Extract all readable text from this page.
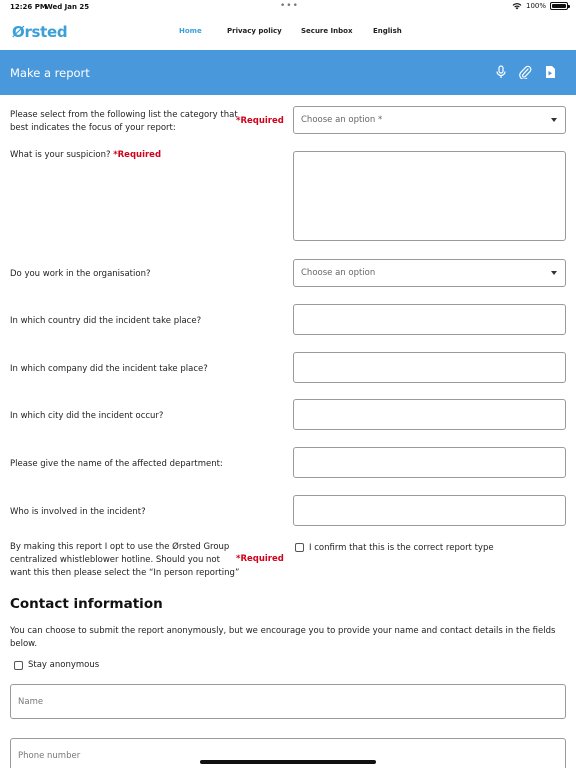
12:26 PM
Wed Jan 25	•••	100%
Ørsted	Home	Privacy policy	Secure Inbox	English
Make a report
Please select from the following list the category that
best indicates the focus of your report:
*Required Choose an option *
What is your suspicion? *Required
Do you work in the organisation?	Choose an option
In which country did the incident take place?
In which company did the incident take place?
In which city did the incident occur?
Please give the name of the affected department:
Who is involved in the incident?
By making this report I opt to use the Ørsted Group
centralized whistleblower hotline. Should you not
want this then please select the “In person reporting”
*Required
I confirm that this is the correct report type
Contact information
You can choose to submit the report anonymously, but we encourage you to provide your name and contact details in the fields
below.
Stay anonymous
Name
Phone number
